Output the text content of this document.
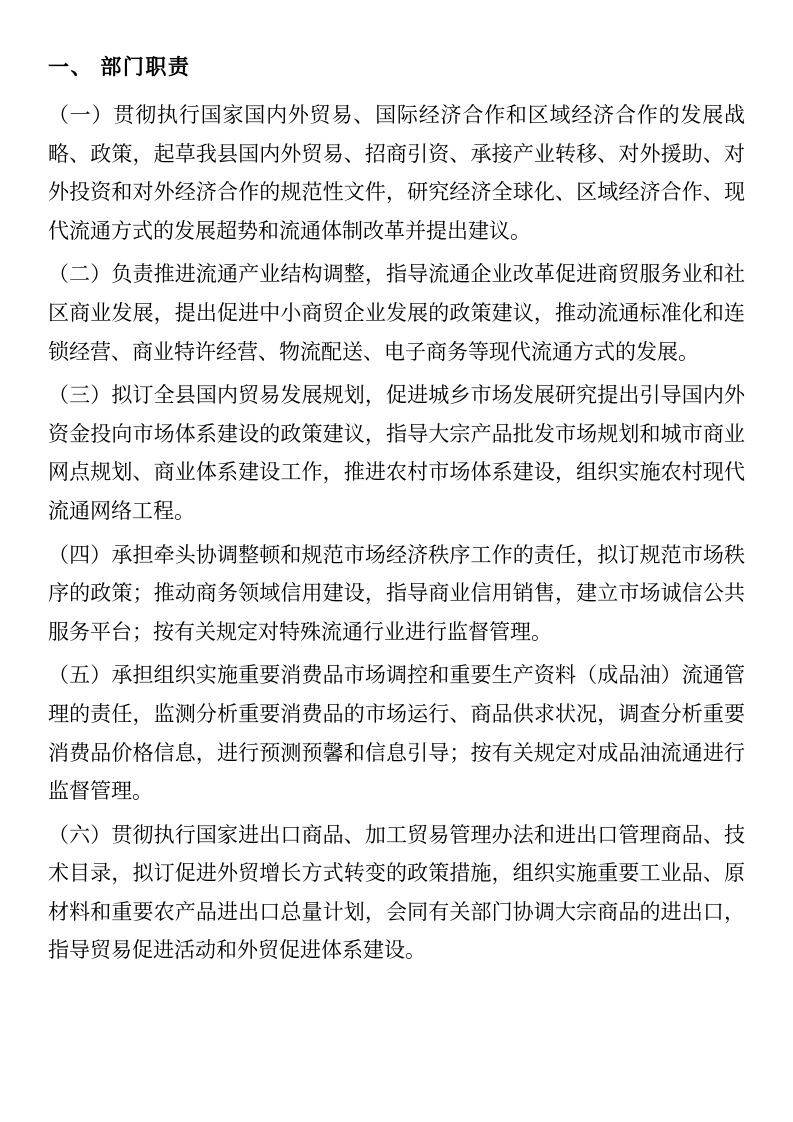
一、 部门职责

（一）贯彻执行国家国内外贸易、国际经济合作和区域经济合作的发展战略、政策，起草我县国内外贸易、招商引资、承接产业转移、对外援助、对外投资和对外经济合作的规范性文件，研究经济全球化、区域经济合作、现代流通方式的发展超势和流通体制改革并提出建议。

（二）负责推进流通产业结构调整，指导流通企业改革促进商贸服务业和社区商业发展，提出促进中小商贸企业发展的政策建议，推动流通标准化和连锁经营、商业特许经营、物流配送、电子商务等现代流通方式的发展。

（三）拟订全县国内贸易发展规划，促进城乡市场发展研究提出引导国内外资金投向市场体系建设的政策建议，指导大宗产品批发市场规划和城市商业网点规划、商业体系建设工作，推进农村市场体系建设，组织实施农村现代流通网络工程。

（四）承担牵头协调整顿和规范市场经济秩序工作的责任，拟订规范市场秩序的政策；推动商务领域信用建设，指导商业信用销售，建立市场诚信公共服务平台；按有关规定对特殊流通行业进行监督管理。

（五）承担组织实施重要消费品市场调控和重要生产资料（成品油）流通管理的责任，监测分析重要消费品的市场运行、商品供求状况，调查分析重要消费品价格信息，进行预测预馨和信息引导；按有关规定对成品油流通进行监督管理。

（六）贯彻执行国家进出口商品、加工贸易管理办法和进出口管理商品、技术目录，拟订促进外贸增长方式转变的政策措施，组织实施重要工业品、原材料和重要农产品进出口总量计划，会同有关部门协调大宗商品的进出口，指导贸易促进活动和外贸促进体系建设。
